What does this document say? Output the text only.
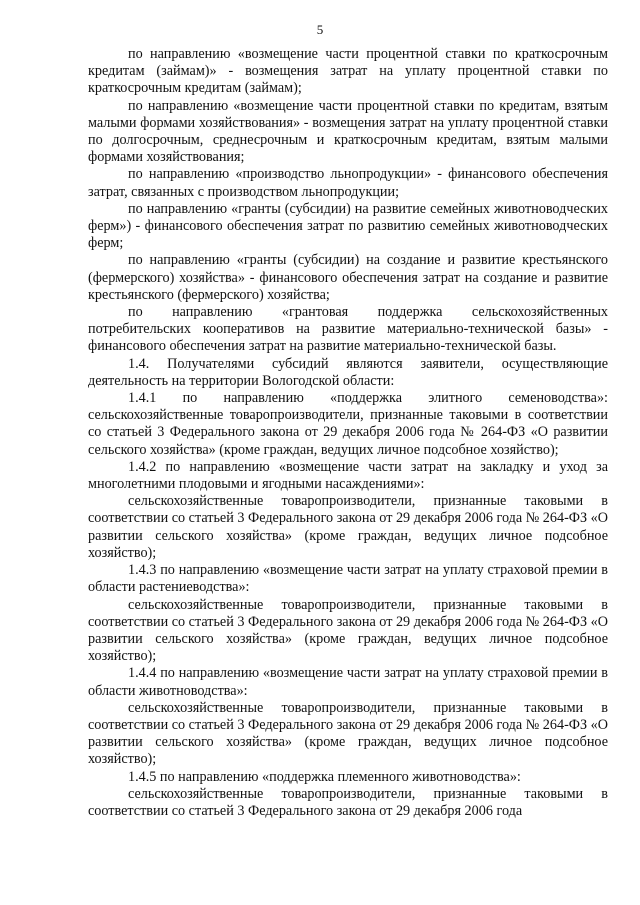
5

по направлению «возмещение части процентной ставки по краткосрочным кредитам (займам)» - возмещения затрат на уплату процентной ставки по краткосрочным кредитам (займам);

по направлению «возмещение части процентной ставки по кредитам, взятым малыми формами хозяйствования» - возмещения затрат на уплату процентной ставки по долгосрочным, среднесрочным и краткосрочным кредитам, взятым малыми формами хозяйствования;

по направлению «производство льнопродукции» - финансового обеспечения затрат, связанных с производством льнопродукции;

по направлению «гранты (субсидии) на развитие семейных животноводческих ферм») - финансового обеспечения затрат по развитию семейных животноводческих ферм;

по направлению «гранты (субсидии) на создание и развитие крестьянского (фермерского) хозяйства» - финансового обеспечения затрат на создание и развитие крестьянского (фермерского) хозяйства;

по направлению «грантовая поддержка сельскохозяйственных потребительских кооперативов на развитие материально-технической базы» - финансового обеспечения затрат на развитие материально-технической базы.

1.4. Получателями субсидий являются заявители, осуществляющие деятельность на территории Вологодской области:

1.4.1 по направлению «поддержка элитного семеноводства»: сельскохозяйственные товаропроизводители, признанные таковыми в соответствии со статьей 3 Федерального закона от 29 декабря 2006 года № 264-ФЗ «О развитии сельского хозяйства» (кроме граждан, ведущих личное подсобное хозяйство);

1.4.2 по направлению «возмещение части затрат на закладку и уход за многолетними плодовыми и ягодными насаждениями»:

сельскохозяйственные товаропроизводители, признанные таковыми в соответствии со статьей 3 Федерального закона от 29 декабря 2006 года № 264-ФЗ «О развитии сельского хозяйства» (кроме граждан, ведущих личное подсобное хозяйство);

1.4.3 по направлению «возмещение части затрат на уплату страховой премии в области растениеводства»:

сельскохозяйственные товаропроизводители, признанные таковыми в соответствии со статьей 3 Федерального закона от 29 декабря 2006 года № 264-ФЗ «О развитии сельского хозяйства» (кроме граждан, ведущих личное подсобное хозяйство);

1.4.4 по направлению «возмещение части затрат на уплату страховой премии в области животноводства»:

сельскохозяйственные товаропроизводители, признанные таковыми в соответствии со статьей 3 Федерального закона от 29 декабря 2006 года № 264-ФЗ «О развитии сельского хозяйства» (кроме граждан, ведущих личное подсобное хозяйство);

1.4.5 по направлению «поддержка племенного животноводства»:

сельскохозяйственные товаропроизводители, признанные таковыми в соответствии со статьей 3 Федерального закона от 29 декабря 2006 года
